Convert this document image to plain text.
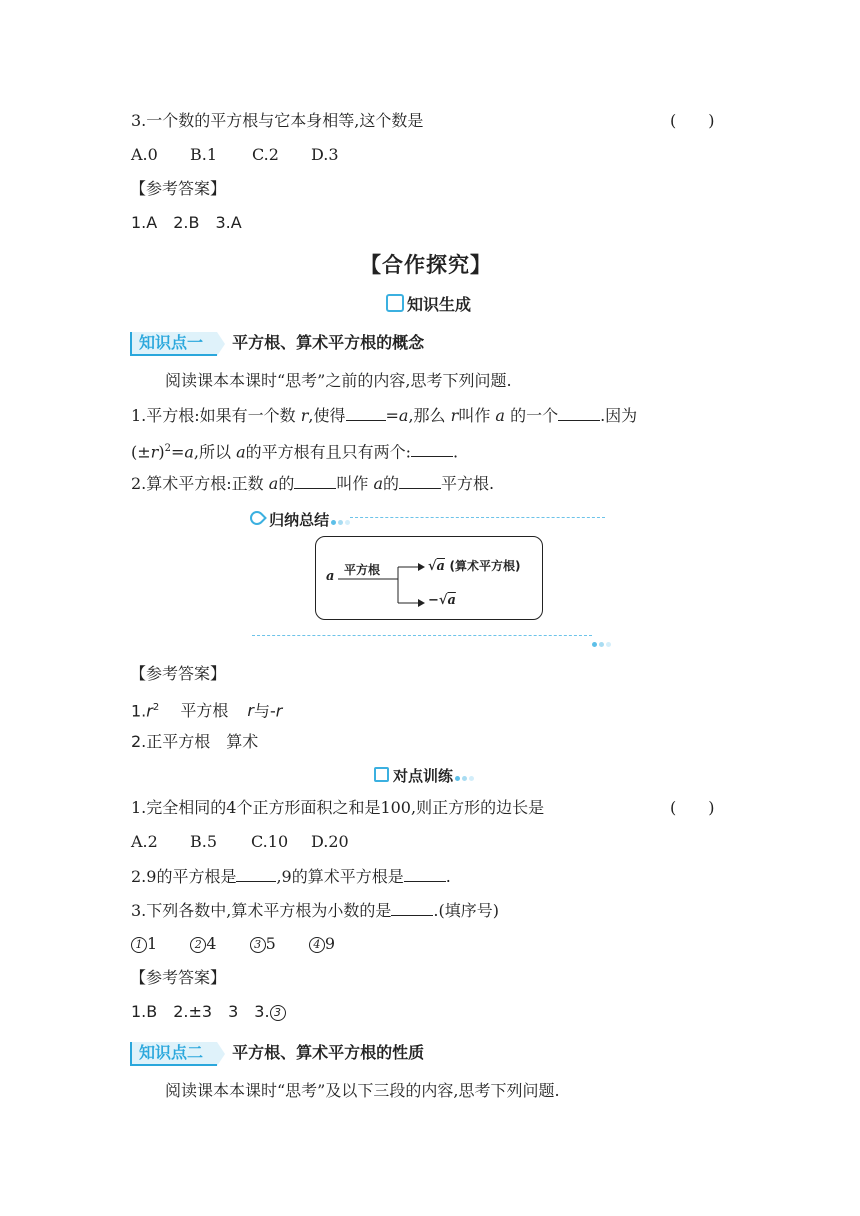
3.一个数的平方根与它本身相等,这个数是	(　　)
A.0 B.1 C.2 D.3
【参考答案】
1.A　2.B　3.A
【合作探究】
知识生成
知识点一 平方根、算术平方根的概念
阅读课本本课时“思考”之前的内容,思考下列问题.
1.平方根:如果有一个数 r,使得	=a,那么 r叫作 a 的一个	.因为
$(\pm r)^2=a$,所以 a的平方根有且只有两个:	.
2.算术平方根:正数 a的	叫作 a的	平方根.
归纳总结
a 平方根	√a (算术平方根)
−√a
【参考答案】
$1.r^2$ 平方根 r与-r
2.正平方根　算术
对点训练
1.完全相同的4个正方形面积之和是100,则正方形的边长是	(　　)
A.2 B.5 C.10 D.20
2.9的平方根是	,9的算术平方根是	.
3.下列各数中,算术平方根为小数的是	.(填序号)
1 1	2 4	3 5	4 9
【参考答案】
1.B　2.±3　3　3. 3
知识点二 平方根、算术平方根的性质
阅读课本本课时“思考”及以下三段的内容,思考下列问题.
